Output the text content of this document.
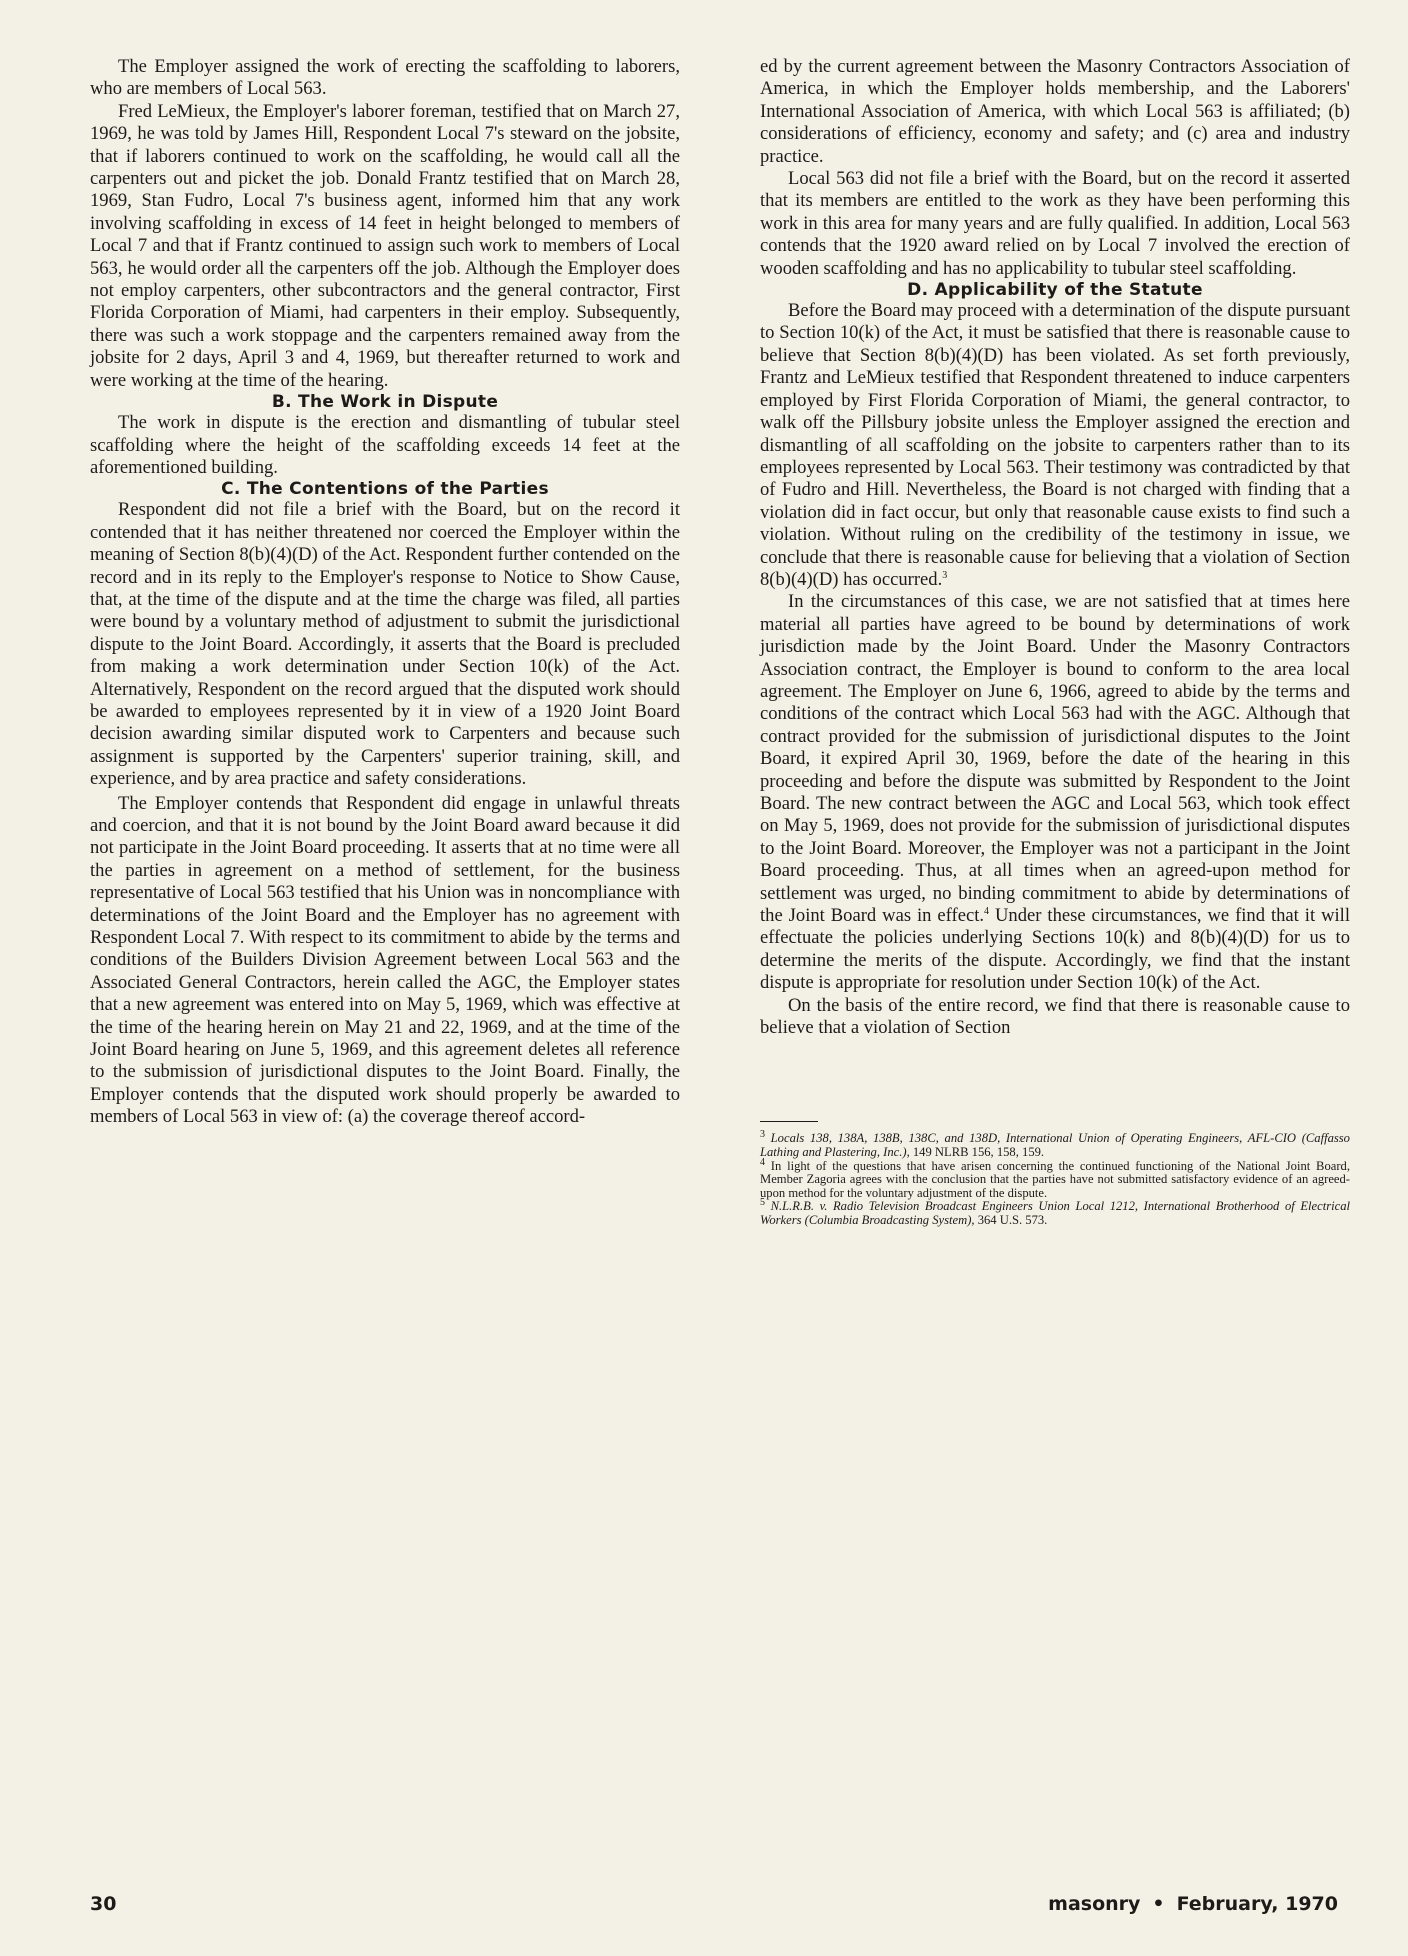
The Employer assigned the work of erecting the scaffolding to laborers, who are members of Local 563.

Fred LeMieux, the Employer's laborer foreman, testified that on March 27, 1969, he was told by James Hill, Respondent Local 7's steward on the jobsite, that if laborers continued to work on the scaffolding, he would call all the carpenters out and picket the job. Donald Frantz testified that on March 28, 1969, Stan Fudro, Local 7's business agent, informed him that any work involving scaffolding in excess of 14 feet in height belonged to members of Local 7 and that if Frantz continued to assign such work to members of Local 563, he would order all the carpenters off the job. Although the Employer does not employ carpenters, other subcontractors and the general contractor, First Florida Corporation of Miami, had carpenters in their employ. Subsequently, there was such a work stoppage and the carpenters remained away from the jobsite for 2 days, April 3 and 4, 1969, but thereafter returned to work and were working at the time of the hearing.

B. The Work in Dispute

The work in dispute is the erection and dismantling of tubular steel scaffolding where the height of the scaffolding exceeds 14 feet at the aforementioned building.

C. The Contentions of the Parties

Respondent did not file a brief with the Board, but on the record it contended that it has neither threatened nor coerced the Employer within the meaning of Section 8(b)(4)(D) of the Act. Respondent further contended on the record and in its reply to the Employer's response to Notice to Show Cause, that, at the time of the dispute and at the time the charge was filed, all parties were bound by a voluntary method of adjustment to submit the jurisdictional dispute to the Joint Board. Accordingly, it asserts that the Board is precluded from making a work determination under Section 10(k) of the Act. Alternatively, Respondent on the record argued that the disputed work should be awarded to employees represented by it in view of a 1920 Joint Board decision awarding similar disputed work to Carpenters and because such assignment is supported by the Carpenters' superior training, skill, and experience, and by area practice and safety considerations.

The Employer contends that Respondent did engage in unlawful threats and coercion, and that it is not bound by the Joint Board award because it did not participate in the Joint Board proceeding. It asserts that at no time were all the parties in agreement on a method of settlement, for the business representative of Local 563 testified that his Union was in noncompliance with determinations of the Joint Board and the Employer has no agreement with Respondent Local 7. With respect to its commitment to abide by the terms and conditions of the Builders Division Agreement between Local 563 and the Associated General Contractors, herein called the AGC, the Employer states that a new agreement was entered into on May 5, 1969, which was effective at the time of the hearing herein on May 21 and 22, 1969, and at the time of the Joint Board hearing on June 5, 1969, and this agreement deletes all reference to the submission of jurisdictional disputes to the Joint Board. Finally, the Employer contends that the disputed work should properly be awarded to members of Local 563 in view of: (a) the coverage thereof accord-

ed by the current agreement between the Masonry Contractors Association of America, in which the Employer holds membership, and the Laborers' International Association of America, with which Local 563 is affiliated; (b) considerations of efficiency, economy and safety; and (c) area and industry practice.

Local 563 did not file a brief with the Board, but on the record it asserted that its members are entitled to the work as they have been performing this work in this area for many years and are fully qualified. In addition, Local 563 contends that the 1920 award relied on by Local 7 involved the erection of wooden scaffolding and has no applicability to tubular steel scaffolding.

D. Applicability of the Statute

Before the Board may proceed with a determination of the dispute pursuant to Section 10(k) of the Act, it must be satisfied that there is reasonable cause to believe that Section 8(b)(4)(D) has been violated. As set forth previously, Frantz and LeMieux testified that Respondent threatened to induce carpenters employed by First Florida Corporation of Miami, the general contractor, to walk off the Pillsbury jobsite unless the Employer assigned the erection and dismantling of all scaffolding on the jobsite to carpenters rather than to its employees represented by Local 563. Their testimony was contradicted by that of Fudro and Hill. Nevertheless, the Board is not charged with finding that a violation did in fact occur, but only that reasonable cause exists to find such a violation. Without ruling on the credibility of the testimony in issue, we conclude that there is reasonable cause for believing that a violation of Section 8(b)(4)(D) has occurred.$^3$

In the circumstances of this case, we are not satisfied that at times here material all parties have agreed to be bound by determinations of work jurisdiction made by the Joint Board. Under the Masonry Contractors Association contract, the Employer is bound to conform to the area local agreement. The Employer on June 6, 1966, agreed to abide by the terms and conditions of the contract which Local 563 had with the AGC. Although that contract provided for the submission of jurisdictional disputes to the Joint Board, it expired April 30, 1969, before the date of the hearing in this proceeding and before the dispute was submitted by Respondent to the Joint Board. The new contract between the AGC and Local 563, which took effect on May 5, 1969, does not provide for the submission of jurisdictional disputes to the Joint Board. Moreover, the Employer was not a participant in the Joint Board proceeding. Thus, at all times when an agreed-upon method for settlement was urged, no binding commitment to abide by determinations of the Joint Board was in effect.$^4$ Under these circumstances, we find that it will effectuate the policies underlying Sections 10(k) and 8(b)(4)(D) for us to determine the merits of the dispute. Accordingly, we find that the instant dispute is appropriate for resolution under Section 10(k) of the Act.

On the basis of the entire record, we find that there is reasonable cause to believe that a violation of Section

$^3$ Locals 138, 138A, 138B, 138C, and 138D, International Union of Operating Engineers, AFL-CIO (Caffasso Lathing and Plastering, Inc.), 149 NLRB 156, 158, 159.

$^4$ In light of the questions that have arisen concerning the continued functioning of the National Joint Board, Member Zagoria agrees with the conclusion that the parties have not submitted satisfactory evidence of an agreed-upon method for the voluntary adjustment of the dispute.

$^5$ N.L.R.B. v. Radio Television Broadcast Engineers Union Local 1212, International Brotherhood of Electrical Workers (Columbia Broadcasting System), 364 U.S. 573.

30	masonry • February, 1970
